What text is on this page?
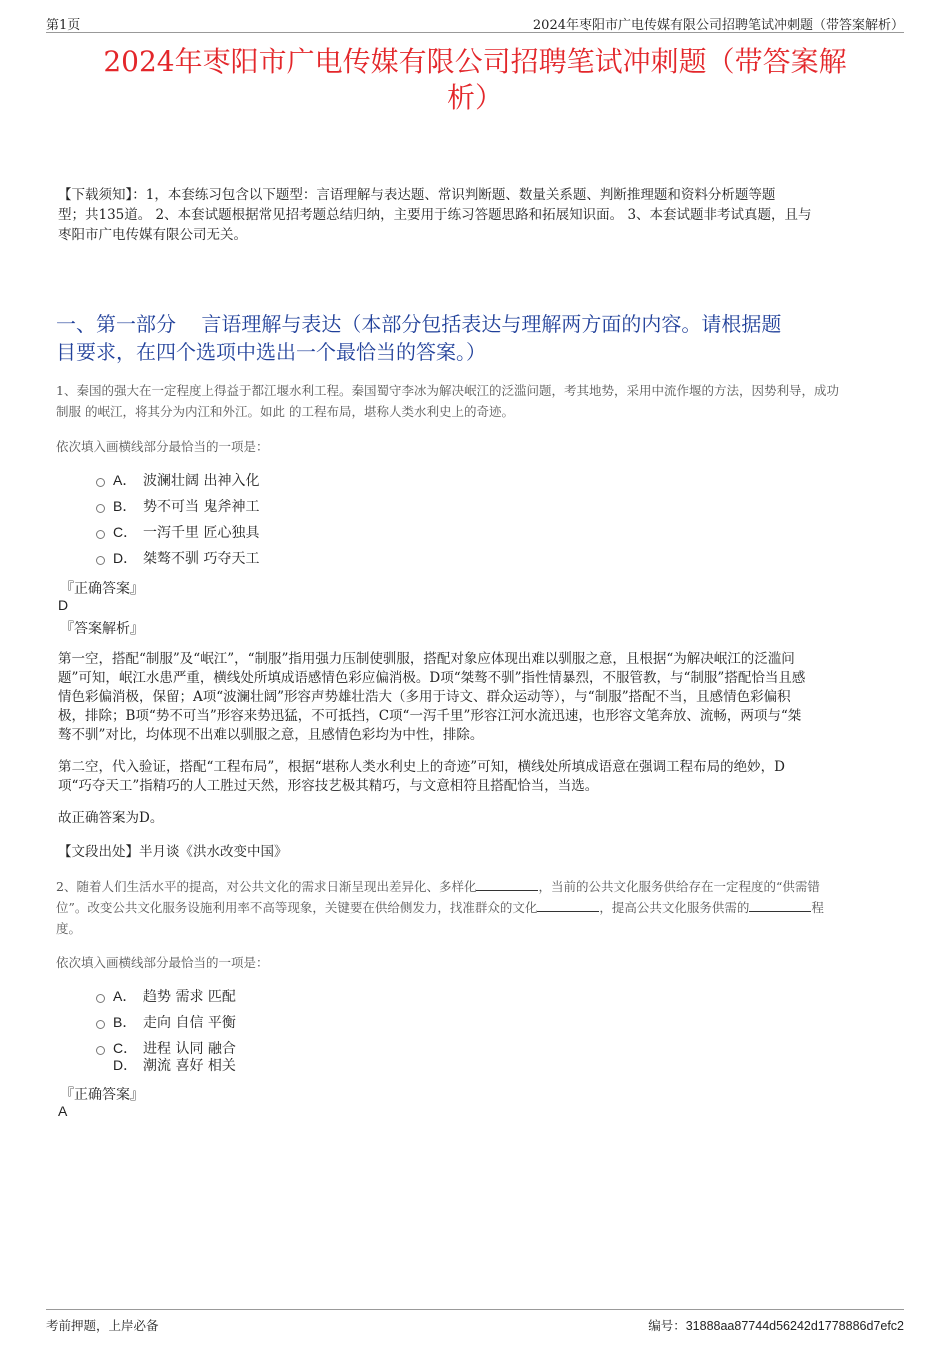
第1页	2024年枣阳市广电传媒有限公司招聘笔试冲刺题（带答案解析）
2024年枣阳市广电传媒有限公司招聘笔试冲刺题（带答案解
析）
【下载须知】：1，本套练习包含以下题型：言语理解与表达题、常识判断题、数量关系题、判断推理题和资料分析题等题
型；共135道。 2、本套试题根据常见招考题总结归纳，主要用于练习答题思路和拓展知识面。 3、本套试题非考试真题，且与
枣阳市广电传媒有限公司无关。
一、第一部分    言语理解与表达（本部分包括表达与理解两方面的内容。请根据题
目要求，在四个选项中选出一个最恰当的答案。）
1、秦国的强大在一定程度上得益于都江堰水利工程。秦国蜀守李冰为解决岷江的泛滥问题，考其地势，采用中流作堰的方法，因势利导，成功
制服 的岷江，将其分为内江和外江。如此 的工程布局，堪称人类水利史上的奇迹。
依次填入画横线部分最恰当的一项是：
A． 波澜壮阔 出神入化
B． 势不可当 鬼斧神工
C． 一泻千里 匠心独具
D． 桀骜不驯 巧夺天工
『正确答案』
D
『答案解析』
第一空，搭配“制服”及“岷江”，“制服”指用强力压制使驯服，搭配对象应体现出难以驯服之意，且根据“为解决岷江的泛滥问
题”可知，岷江水患严重，横线处所填成语感情色彩应偏消极。D项“桀骜不驯”指性情暴烈，不服管教，与“制服”搭配恰当且感
情色彩偏消极，保留；A项“波澜壮阔”形容声势雄壮浩大（多用于诗文、群众运动等），与“制服”搭配不当，且感情色彩偏积
极，排除；B项“势不可当”形容来势迅猛，不可抵挡，C项“一泻千里”形容江河水流迅速，也形容文笔奔放、流畅，两项与“桀
骜不驯”对比，均体现不出难以驯服之意，且感情色彩均为中性，排除。
第二空，代入验证，搭配“工程布局”，根据“堪称人类水利史上的奇迹”可知，横线处所填成语意在强调工程布局的绝妙，D
项“巧夺天工”指精巧的人工胜过天然，形容技艺极其精巧，与文意相符且搭配恰当，当选。
故正确答案为D。
【文段出处】半月谈《洪水改变中国》
2、随着人们生活水平的提高，对公共文化的需求日渐呈现出差异化、多样化	，当前的公共文化服务供给存在一定程度的“供需错
位”。改变公共文化服务设施利用率不高等现象，关键要在供给侧发力，找准群众的文化	，提高公共文化服务供需的	程
度。
依次填入画横线部分最恰当的一项是：
A． 趋势 需求 匹配
B． 走向 自信 平衡
C． 进程 认同 融合
D． 潮流 喜好 相关
『正确答案』
A
考前押题，上岸必备	编号：31888aa87744d56242d1778886d7efc2
